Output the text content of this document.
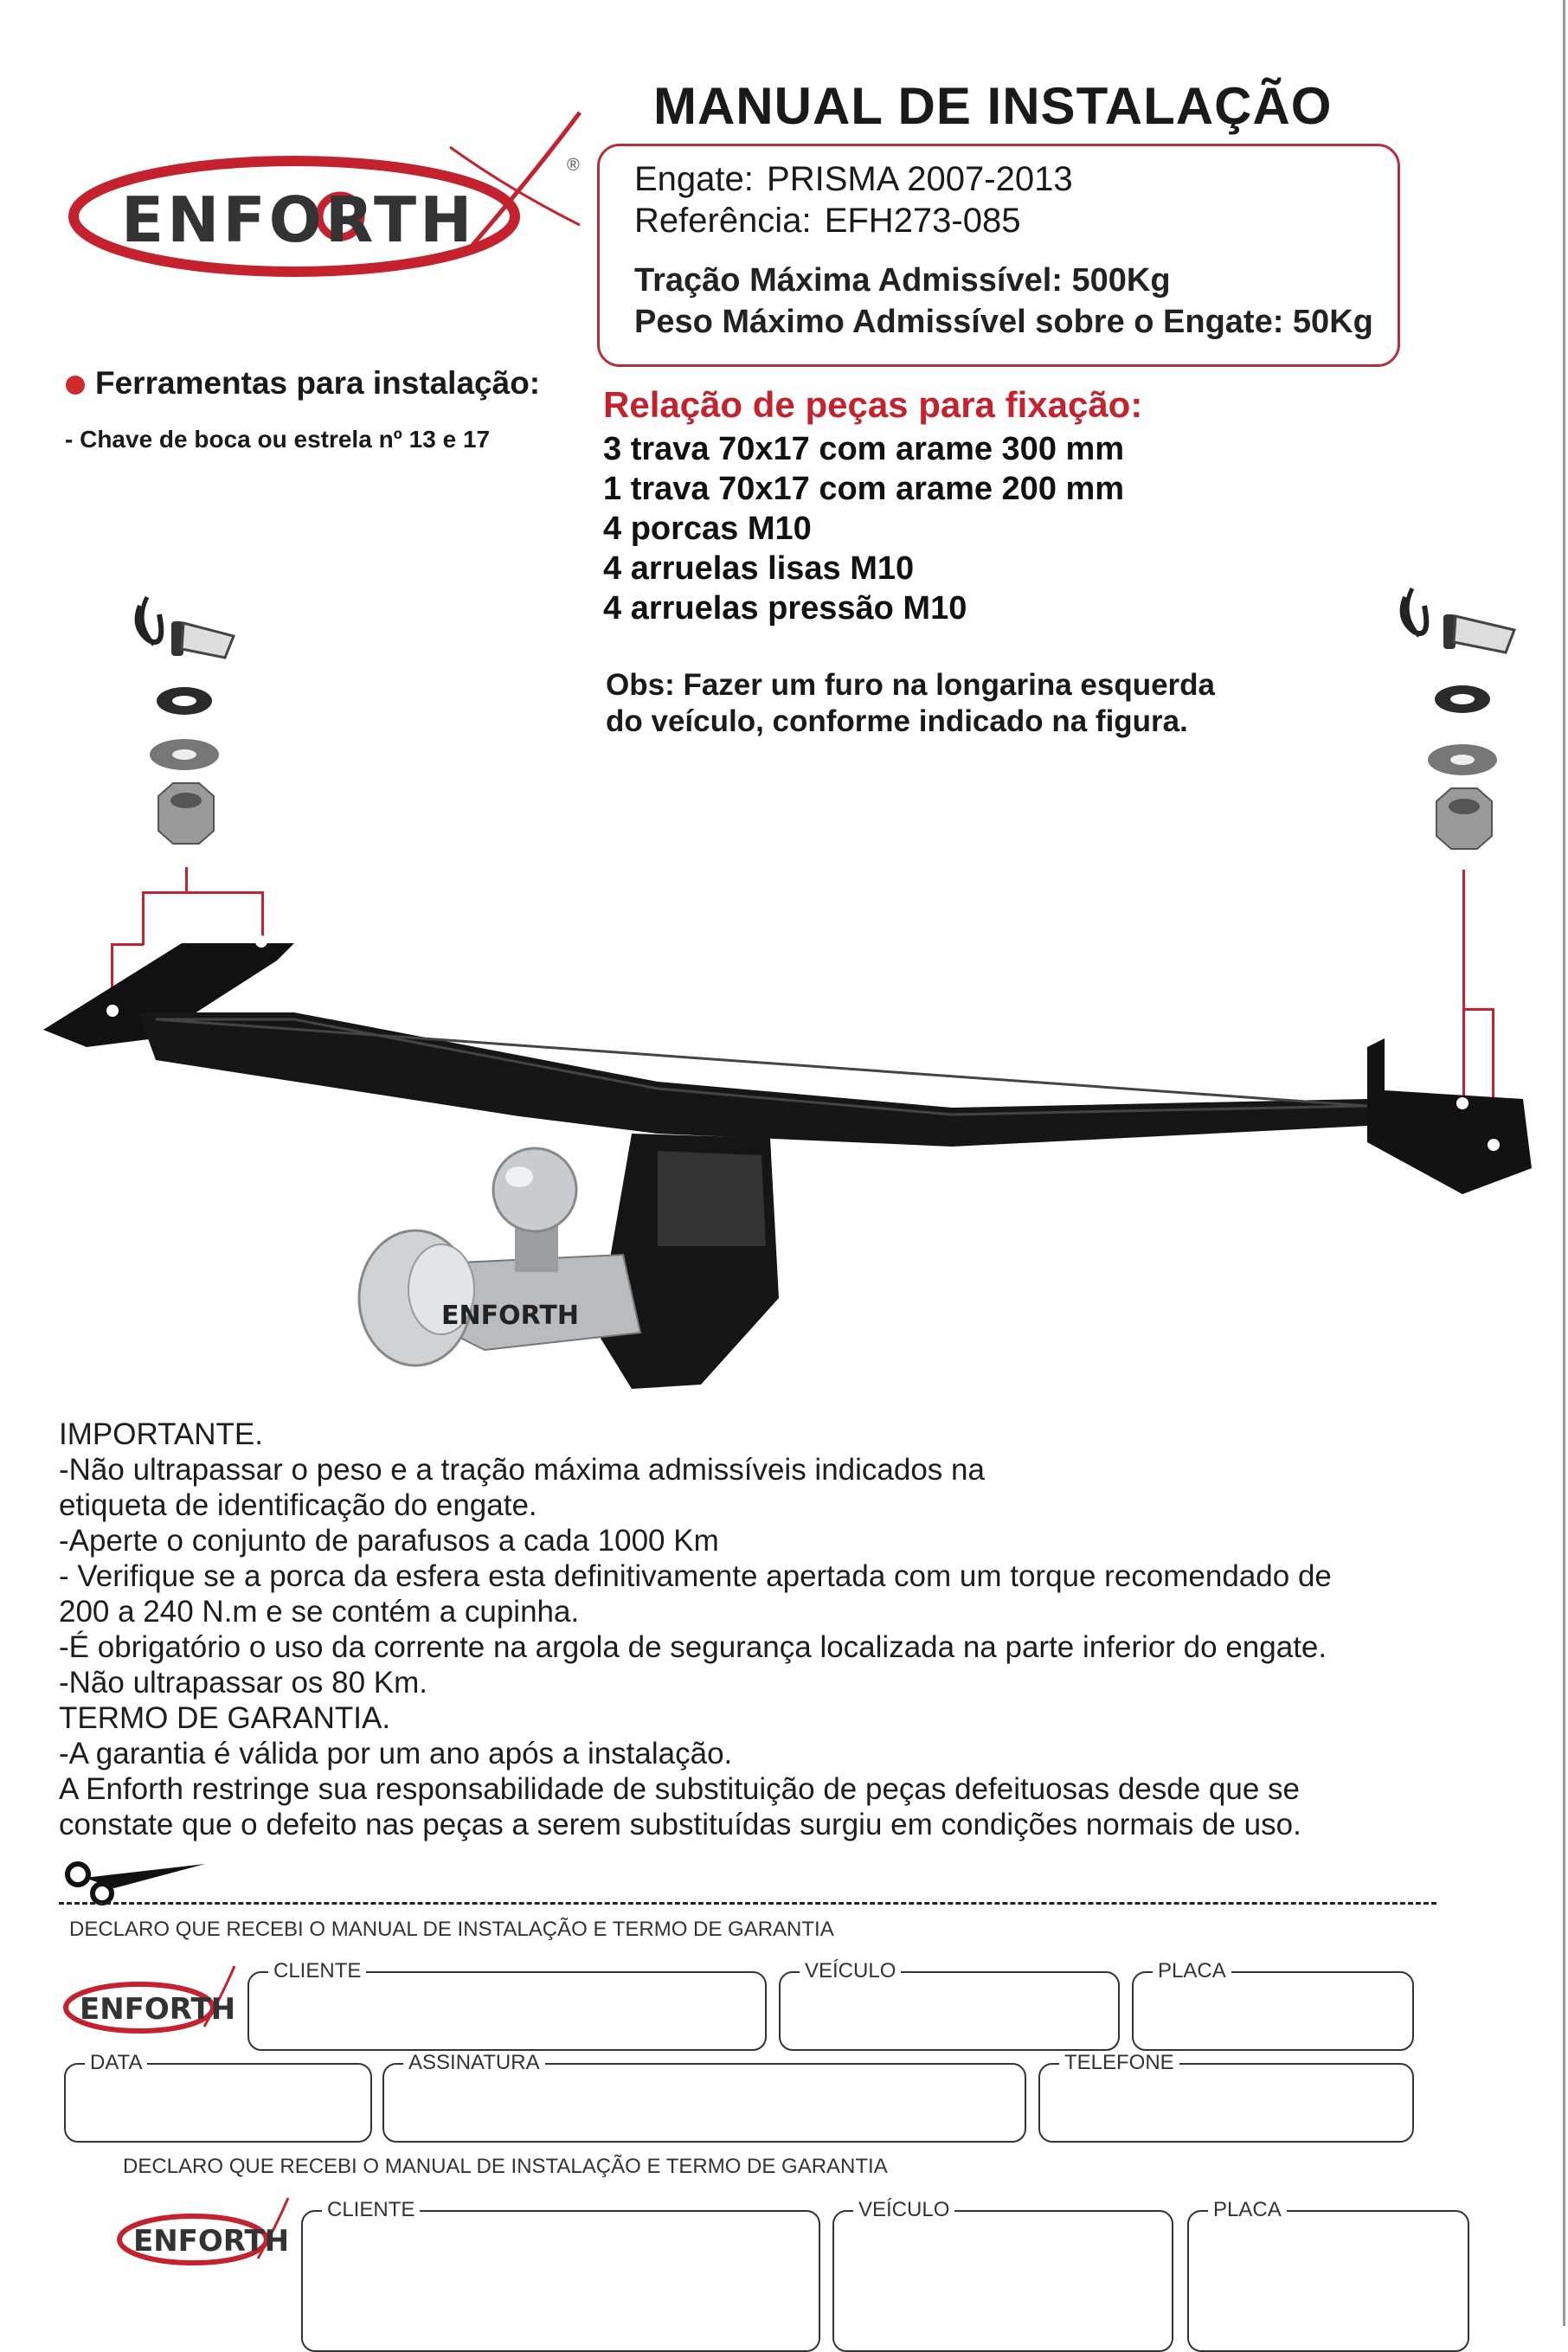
ENFORTH
®
MANUAL DE INSTALAÇÃO
Engate: PRISMA 2007-2013
Referência: EFH273-085
Tração Máxima Admissível: 500Kg
Peso Máximo Admissível sobre o Engate: 50Kg
Ferramentas para instalação:
- Chave de boca ou estrela nº 13 e 17
Relação de peças para fixação:
3 trava 70x17 com arame 300 mm
1 trava 70x17 com arame 200 mm
4 porcas M10
4 arruelas lisas M10
4 arruelas pressão M10
Obs: Fazer um furo na longarina esquerda
do veículo, conforme indicado na figura.
ENFORTH
IMPORTANTE.
-Não ultrapassar o peso e a tração máxima admissíveis indicados na
etiqueta de identificação do engate.
-Aperte o conjunto de parafusos a cada 1000 Km
- Verifique se a porca da esfera esta definitivamente apertada com um torque recomendado de
200 a 240 N.m e se contém a cupinha.
-É obrigatório o uso da corrente na argola de segurança localizada na parte inferior do engate.
-Não ultrapassar os 80 Km.
TERMO DE GARANTIA.
-A garantia é válida por um ano após a instalação.
A Enforth restringe sua responsabilidade de substituição de peças defeituosas desde que se
constate que o defeito nas peças a serem substituídas surgiu em condições normais de uso.
DECLARO QUE RECEBI O MANUAL DE INSTALAÇÃO E TERMO DE GARANTIA
ENFORTH
CLIENTE	VEÍCULO	PLACA
DATA	ASSINATURA	TELEFONE
DECLARO QUE RECEBI O MANUAL DE INSTALAÇÃO E TERMO DE GARANTIA
ENFORTH
CLIENTE	VEÍCULO	PLACA
